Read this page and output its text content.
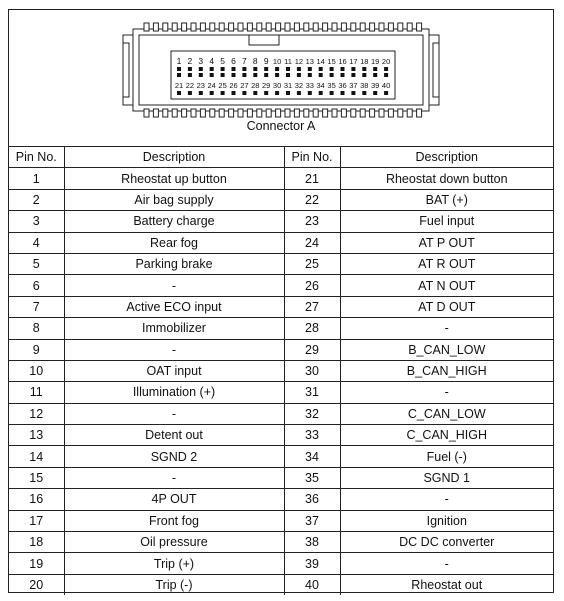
1 2 3 4 5 6 7 8 9 10 11 12 13 14 15 16 17 18 19 20
21 22 23 24 25 26 27 28 29 30 31 32 33 34 35 36 37 38 39 40
Connector A
Pin No.	Description	Pin No.	Description
1	Rheostat up button	21	Rheostat down button
2	Air bag supply	22	BAT (+)
3	Battery charge	23	Fuel input
4	Rear fog	24	AT P OUT
5	Parking brake	25	AT R OUT
6	-	26	AT N OUT
7	Active ECO input	27	AT D OUT
8	Immobilizer	28	-
9	-	29	B_CAN_LOW
10	OAT input	30	B_CAN_HIGH
11	Illumination (+)	31	-
12	-	32	C_CAN_LOW
13	Detent out	33	C_CAN_HIGH
14	SGND 2	34	Fuel (-)
15	-	35	SGND 1
16	4P OUT	36	-
17	Front fog	37	Ignition
18	Oil pressure	38	DC DC converter
19	Trip (+)	39	-
20	Trip (-)	40	Rheostat out
